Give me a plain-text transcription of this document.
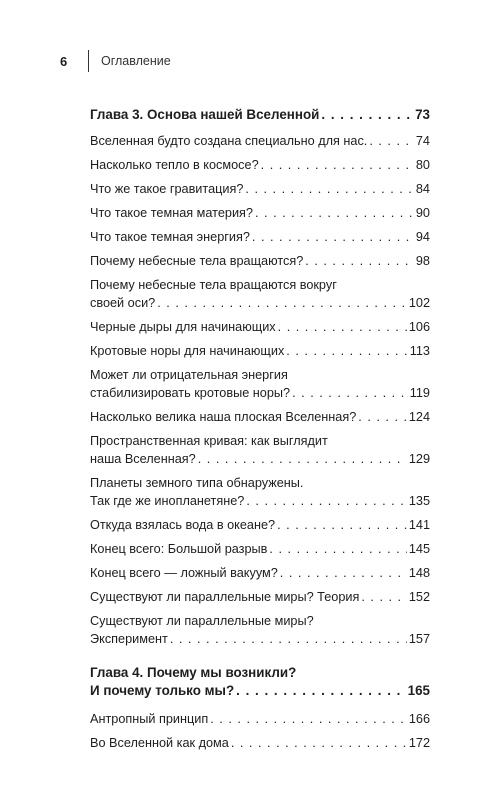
6	Оглавление
Глава 3. Основа нашей Вселенной . . .	73
Вселенная будто создана специально для нас. . . .	74
Насколько тепло в космосе? . . .	80
Что же такое гравитация? . . .	84
Что такое темная материя? . . .	90
Что такое темная энергия? . . .	94
Почему небесные тела вращаются? . . .	98
Почему небесные тела вращаются вокруг
своей оси? . . .	102
Черные дыры для начинающих . . .	106
Кротовые норы для начинающих . . .	113
Может ли отрицательная энергия
стабилизировать кротовые норы? . . .	119
Насколько велика наша плоская Вселенная? . . .	124
Пространственная кривая: как выглядит
наша Вселенная? . . .	129
Планеты земного типа обнаружены.
Так где же инопланетяне? . . .	135
Откуда взялась вода в океане? . . .	141
Конец всего: Большой разрыв . . .	145
Конец всего — ложный вакуум? . . .	148
Существуют ли параллельные миры? Теория . . .	152
Существуют ли параллельные миры?
Эксперимент . . .	157
Глава 4. Почему мы возникли?
И почему только мы? . . .	165
Антропный принцип . . .	166
Во Вселенной как дома . . .	172
